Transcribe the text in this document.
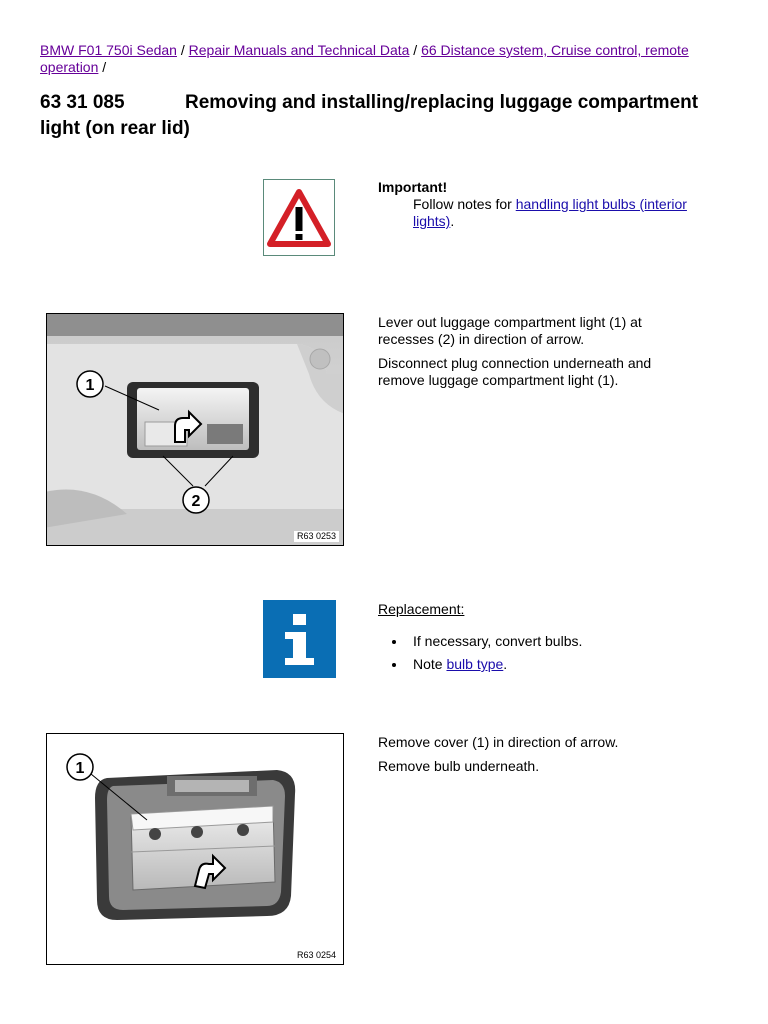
BMW F01 750i Sedan / Repair Manuals and Technical Data / 66 Distance system, Cruise control, remote operation /
63 31 085	Removing and installing/replacing luggage compartment light (on rear lid)
Important!
Follow notes for handling light bulbs (interior lights).
1
2
R63 0253

Lever out luggage compartment light (1) at recesses (2) in direction of arrow.

Disconnect plug connection underneath and remove luggage compartment light (1).

Replacement:
If necessary, convert bulbs.
Note bulb type.
1
R63 0254

Remove cover (1) in direction of arrow.

Remove bulb underneath.
